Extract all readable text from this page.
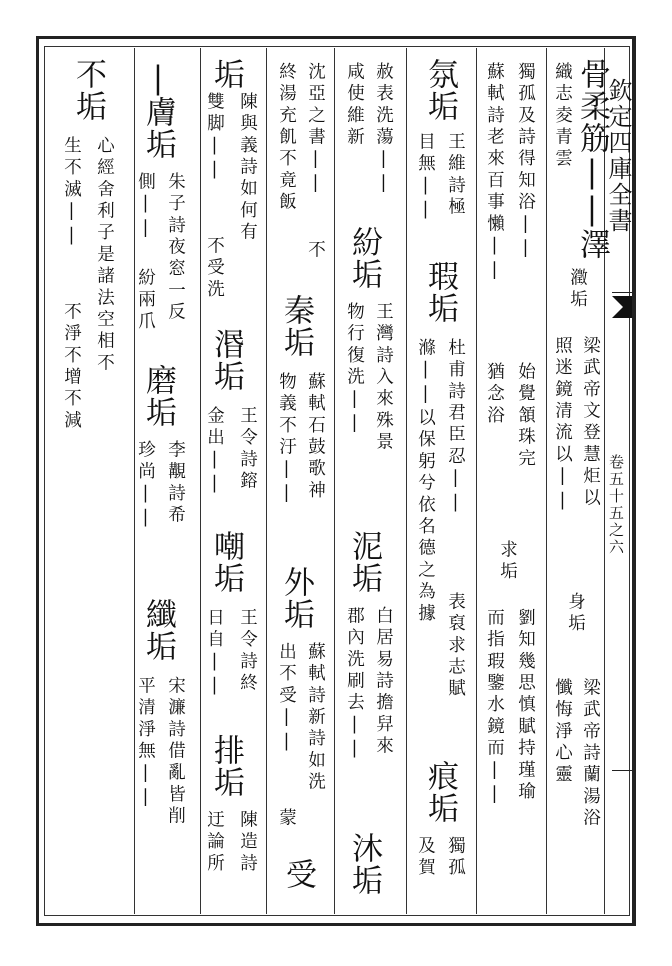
欽定四庫全書
卷五十五之六
骨柔筋||澤
瀓垢
梁武帝文登慧炬以
身垢
梁武帝詩蘭湯浴
織志夌青雲
照迷鏡清流以||
懺悔淨心靈
獨孤及詩得知浴||
始覺頷珠完
求垢
劉知幾思慎賦持瑾瑜
蘇軾詩老來百事懶||
猶念浴
而指瑕鑒水鏡而||
氛垢
王維詩極
瑕垢
杜甫詩君臣忍||
表裒求志賦
目無||
滌||以保躬兮依名德之為據
痕垢
獨孤
及賀
赦表洗蕩||
紛垢
王灣詩入來殊景
泥垢
白居易詩擔舁來
咸使維新
物行復洗||
郡內洗刷去||
沐垢
沈亞之書||
不
秦垢
蘇軾石鼓歌神
外垢
蘇軾詩新詩如洗
終湯充飢不竟飯
物義不汙||
出不受||
蒙
受
垢
陳與義詩如何有
湣垢
王令詩鎔
嘲垢
王令詩終
排垢
陳造詩
雙脚||
不受洗
金出||
日自||
迂論所
|
膚垢
朱子詩夜窓一反
磨垢
李覯詩希
纖垢
宋濂詩借亂皆削
側||
紛兩爪
珍尚||
平清淨無||
不垢
心經舍利子是諸法空相不
生不滅||
不淨不增不減
